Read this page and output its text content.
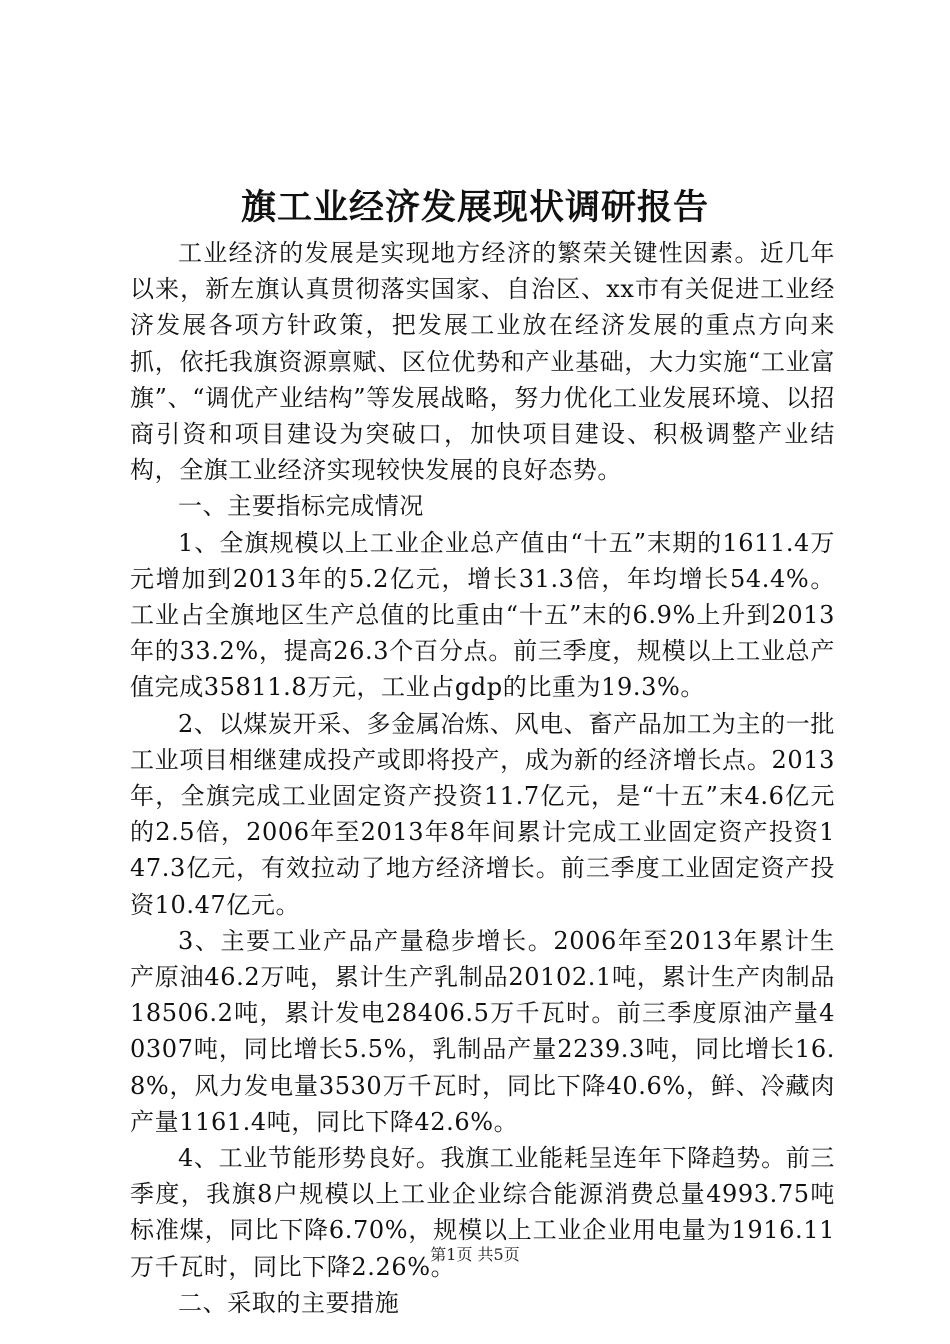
旗工业经济发展现状调研报告

工业经济的发展是实现地方经济的繁荣关键性因素。近几年以来，新左旗认真贯彻落实国家、自治区、xx市有关促进工业经济发展各项方针政策，把发展工业放在经济发展的重点方向来抓，依托我旗资源禀赋、区位优势和产业基础，大力实施“工业富旗”、“调优产业结构”等发展战略，努力优化工业发展环境、以招商引资和项目建设为突破口，加快项目建设、积极调整产业结构，全旗工业经济实现较快发展的良好态势。

一、主要指标完成情况

1、全旗规模以上工业企业总产值由“十五”末期的1611.4万元增加到2013年的5.2亿元，增长31.3倍，年均增长54.4%。工业占全旗地区生产总值的比重由“十五”末的6.9%上升到2013年的33.2%，提高26.3个百分点。前三季度，规模以上工业总产值完成35811.8万元，工业占gdp的比重为19.3%。

2、以煤炭开采、多金属冶炼、风电、畜产品加工为主的一批工业项目相继建成投产或即将投产，成为新的经济增长点。2013年，全旗完成工业固定资产投资11.7亿元，是“十五”末4.6亿元的2.5倍，2006年至2013年8年间累计完成工业固定资产投资147.3亿元，有效拉动了地方经济增长。前三季度工业固定资产投资10.47亿元。

3、主要工业产品产量稳步增长。2006年至2013年累计生产原油46.2万吨，累计生产乳制品20102.1吨，累计生产肉制品18506.2吨，累计发电28406.5万千瓦时。前三季度原油产量40307吨，同比增长5.5%，乳制品产量2239.3吨，同比增长16.8%，风力发电量3530万千瓦时，同比下降40.6%，鲜、冷藏肉产量1161.4吨，同比下降42.6%。

4、工业节能形势良好。我旗工业能耗呈连年下降趋势。前三季度，我旗8户规模以上工业企业综合能源消费总量4993.75吨标准煤，同比下降6.70%，规模以上工业企业用电量为1916.11万千瓦时，同比下降2.26%。

二、采取的主要措施

第1页 共5页
